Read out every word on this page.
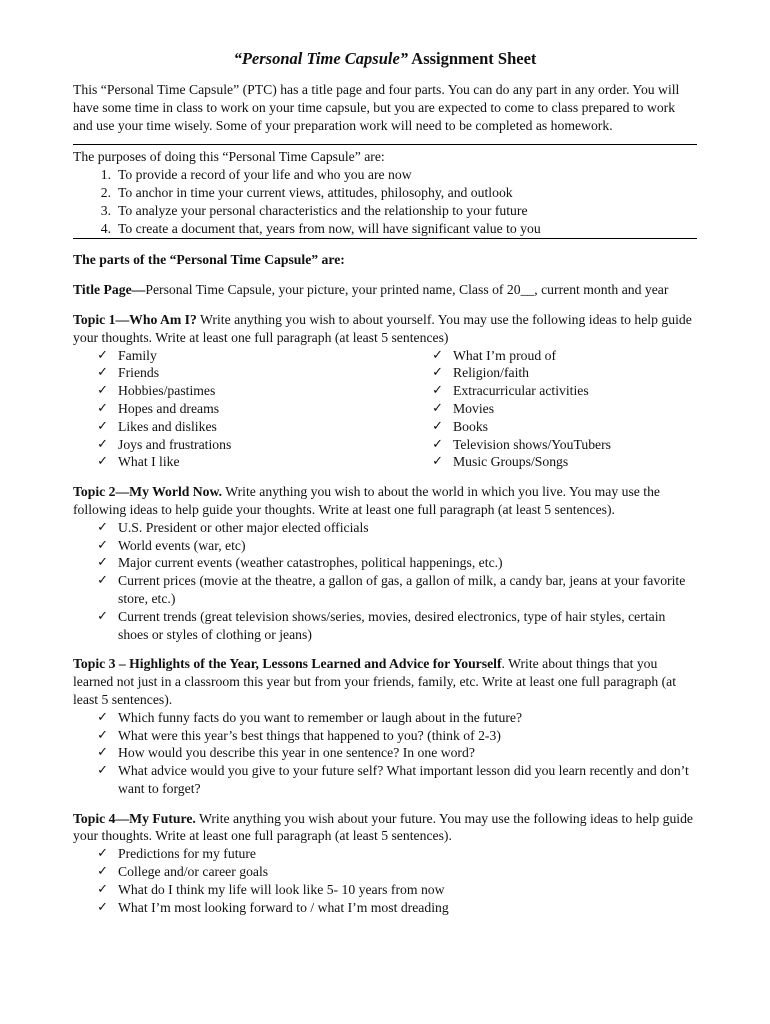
“Personal Time Capsule” Assignment Sheet

This “Personal Time Capsule” (PTC) has a title page and four parts. You can do any part in any order. You will have some time in class to work on your time capsule, but you are expected to come to class prepared to work and use your time wisely. Some of your preparation work will need to be completed as homework.

The purposes of doing this “Personal Time Capsule” are:

1. To provide a record of your life and who you are now
2. To anchor in time your current views, attitudes, philosophy, and outlook
3. To analyze your personal characteristics and the relationship to your future
4. To create a document that, years from now, will have significant value to you

The parts of the “Personal Time Capsule” are:

Title Page—Personal Time Capsule, your picture, your printed name, Class of 20__, current month and year

Topic 1—Who Am I? Write anything you wish to about yourself. You may use the following ideas to help guide your thoughts. Write at least one full paragraph (at least 5 sentences)

✓ Family
✓ Friends
✓ Hobbies/pastimes
✓ Hopes and dreams
✓ Likes and dislikes
✓ Joys and frustrations
✓ What I like
✓ What I’m proud of
✓ Religion/faith
✓ Extracurricular activities
✓ Movies
✓ Books
✓ Television shows/YouTubers
✓ Music Groups/Songs

Topic 2—My World Now. Write anything you wish to about the world in which you live. You may use the following ideas to help guide your thoughts. Write at least one full paragraph (at least 5 sentences).

✓ U.S. President or other major elected officials
✓ World events (war, etc)
✓ Major current events (weather catastrophes, political happenings, etc.)
✓ Current prices (movie at the theatre, a gallon of gas, a gallon of milk, a candy bar, jeans at your favorite store, etc.)
✓ Current trends (great television shows/series, movies, desired electronics, type of hair styles, certain shoes or styles of clothing or jeans)

Topic 3 – Highlights of the Year, Lessons Learned and Advice for Yourself. Write about things that you learned not just in a classroom this year but from your friends, family, etc. Write at least one full paragraph (at least 5 sentences).

✓ Which funny facts do you want to remember or laugh about in the future?
✓ What were this year’s best things that happened to you? (think of 2-3)
✓ How would you describe this year in one sentence? In one word?
✓ What advice would you give to your future self? What important lesson did you learn recently and don’t want to forget?

Topic 4—My Future. Write anything you wish about your future. You may use the following ideas to help guide your thoughts. Write at least one full paragraph (at least 5 sentences).

✓ Predictions for my future
✓ College and/or career goals
✓ What do I think my life will look like 5- 10 years from now
✓ What I’m most looking forward to / what I’m most dreading
